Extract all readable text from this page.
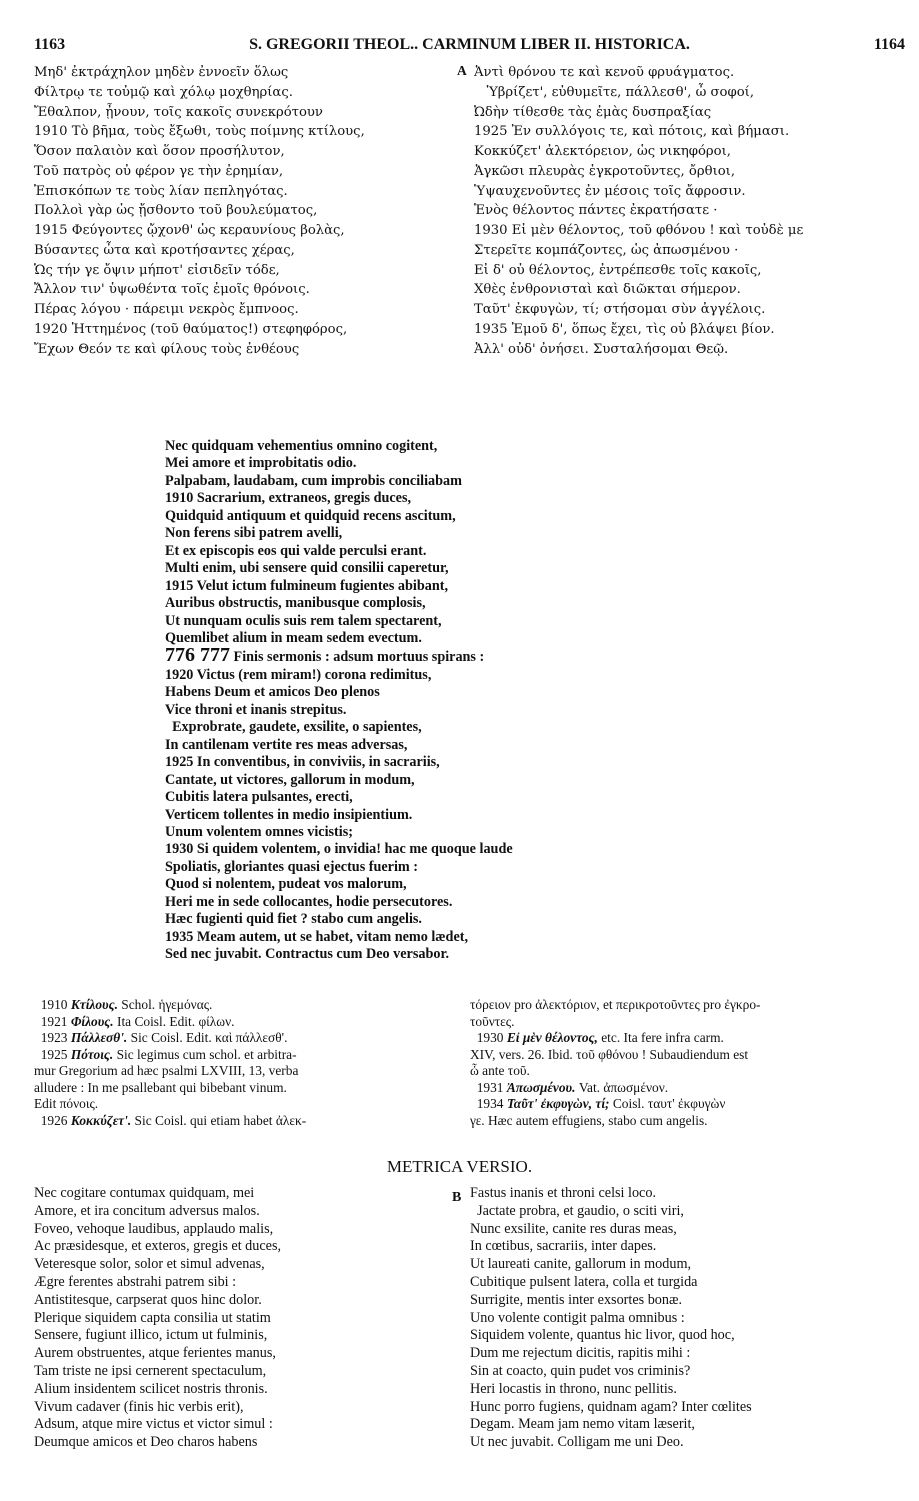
1163	S. GREGORII THEOL.. CARMINUM LIBER II. HISTORICA.	1164
Μηδ' ἐκτράχηλον μηδὲν ἐννοεῖν ὅλως
Φίλτρῳ τε τοὐμῷ καὶ χόλῳ μοχθηρίας.
Ἔθαλπον, ᾖνουν, τοῖς κακοῖς συνεκρότουν
1910 Τὸ βῆμα, τοὺς ἔξωθι, τοὺς ποίμνης κτίλους,
Ὅσον παλαιὸν καὶ ὅσον προσήλυτον,
Τοῦ πατρὸς οὐ φέρον γε τὴν ἐρημίαν,
Ἐπισκόπων τε τοὺς λίαν πεπληγότας.
Πολλοὶ γὰρ ὡς ᾔσθοντο τοῦ βουλεύματος,
1915 Φεύγοντες ᾤχονθ' ὡς κεραυνίους βολὰς,
Βύσαντες ὦτα καὶ κροτήσαντες χέρας,
Ὡς τήν γε ὄψιν μήποτ' εἰσιδεῖν τόδε,
Ἄλλον τιν' ὑψωθέντα τοῖς ἐμοῖς θρόνοις.
Πέρας λόγου · πάρειμι νεκρὸς ἔμπνοος.
1920 Ἡττημένος (τοῦ θαύματος!) στεφηφόρος,
Ἔχων Θεόν τε καὶ φίλους τοὺς ἐνθέους
A Ἀντὶ θρόνου τε καὶ κενοῦ φρυάγματος.
Ὑβρίζετ', εὐθυμεῖτε, πάλλεσθ', ὦ σοφοί,
Ὠδὴν τίθεσθε τὰς ἐμὰς δυσπραξίας
1925 Ἐν συλλόγοις τε, καὶ πότοις, καὶ βήμασι.
Κοκκύζετ' ἀλεκτόρειον, ὡς νικηφόροι,
Ἀγκῶσι πλευρὰς ἐγκροτοῦντες, ὄρθιοι,
Ὑψαυχενοῦντες ἐν μέσοις τοῖς ἄφροσιν.
Ἑνὸς θέλοντος πάντες ἐκρατήσατε ·
1930 Εἰ μὲν θέλοντος, τοῦ φθόνου ! καὶ τοὐδὲ με
Στερεῖτε κομπάζοντες, ὡς ἀπωσμένου ·
Εἰ δ' οὐ θέλοντος, ἐντρέπεσθε τοῖς κακοῖς,
Χθὲς ἐνθρονισταὶ καὶ διῶκται σήμερον.
Ταῦτ' ἐκφυγὼν, τί; στήσομαι σὺν ἀγγέλοις.
1935 Ἐμοῦ δ', ὅπως ἔχει, τὶς οὐ βλάψει βίον.
Ἀλλ' οὐδ' ὀνήσει. Συσταλήσομαι Θεῷ.
Nec quidquam vehementius omnino cogitent,
Mei amore et improbitatis odio.
Palpabam, laudabam, cum improbis conciliabam
1910 Sacrarium, extraneos, gregis duces,
Quidquid antiquum et quidquid recens ascitum,
Non ferens sibi patrem avelli,
Et ex episcopis eos qui valde perculsi erant.
Multi enim, ubi sensere quid consilii caperetur,
1915 Velut ictum fulmineum fugientes abibant,
Auribus obstructis, manibusque complosis,
Ut nunquam oculis suis rem talem spectarent,
Quemlibet alium in meam sedem evectum.
776 777 Finis sermonis : adsum mortuus spirans :
1920 Victus (rem miram!) corona redimitus,
Habens Deum et amicos Deo plenos
Vice throni et inanis strepitus.
Exprobrate, gaudete, exsilite, o sapientes,
In cantilenam vertite res meas adversas,
1925 In conventibus, in conviviis, in sacrariis,
Cantate, ut victores, gallorum in modum,
Cubitis latera pulsantes, erecti,
Verticem tollentes in medio insipientium.
Unum volentem omnes vicistis;
1930 Si quidem volentem, o invidia! hac me quoque laude
Spoliatis, gloriantes quasi ejectus fuerim :
Quod si nolentem, pudeat vos malorum,
Heri me in sede collocantes, hodie persecutores.
Hæc fugienti quid fiet ? stabo cum angelis.
1935 Meam autem, ut se habet, vitam nemo lædet,
Sed nec juvabit. Contractus cum Deo versabor.
1910 Κτίλους. Schol. ἡγεμόνας.
1921 Φίλους. Ita Coisl. Edit. φίλων.
1923 Πάλλεσθ'. Sic Coisl. Edit. καὶ πάλλεσθ'.
1925 Πότοις. Sic legimus cum schol. et arbitra-
mur Gregorium ad hæc psalmi LXVIII, 13, verba
alludere : In me psallebant qui bibebant vinum.
Edit πόνοις.
1926 Κοκκύζετ'. Sic Coisl. qui etiam habet ἀλεκ-
τόρειον pro ἀλεκτόριον, et περικροτοῦντες pro ἐγκρο-
τοῦντες.
1930 Εἰ μὲν θέλοντος, etc. Ita fere infra carm.
XIV, vers. 26. Ibid. τοῦ φθόνου ! Subaudiendum est
ὦ ante τοῦ.
1931 Ἀπωσμένου. Vat. ἀπωσμένον.
1934 Ταῦτ' ἐκφυγὼν, τί; Coisl. ταυτ' ἐκφυγὼν
γε. Hæc autem effugiens, stabo cum angelis.
METRICA VERSIO.
Nec cogitare contumax quidquam, mei
Amore, et ira concitum adversus malos.
Foveo, vehoque laudibus, applaudo malis,
Ac præsidesque, et exteros, gregis et duces,
Veteresque solor, solor et simul advenas,
Ægre ferentes abstrahi patrem sibi :
Antistitesque, carpserat quos hinc dolor.
Plerique siquidem capta consilia ut statim
Sensere, fugiunt illico, ictum ut fulminis,
Aurem obstruentes, atque ferientes manus,
Tam triste ne ipsi cernerent spectaculum,
Alium insidentem scilicet nostris thronis.
Vivum cadaver (finis hic verbis erit),
Adsum, atque mire victus et victor simul :
Deumque amicos et Deo charos habens
B Fastus inanis et throni celsi loco.
Jactate probra, et gaudio, o sciti viri,
Nunc exsilite, canite res duras meas,
In cœtibus, sacrariis, inter dapes.
Ut laureati canite, gallorum in modum,
Cubitique pulsent latera, colla et turgida
Surrigite, mentis inter exsortes bonæ.
Uno volente contigit palma omnibus :
Siquidem volente, quantus hic livor, quod hoc,
Dum me rejectum dicitis, rapitis mihi :
Sin at coacto, quin pudet vos criminis?
Heri locastis in throno, nunc pellitis.
Hunc porro fugiens, quidnam agam? Inter cœlites
Degam. Meam jam nemo vitam læserit,
Ut nec juvabit. Colligam me uni Deo.
